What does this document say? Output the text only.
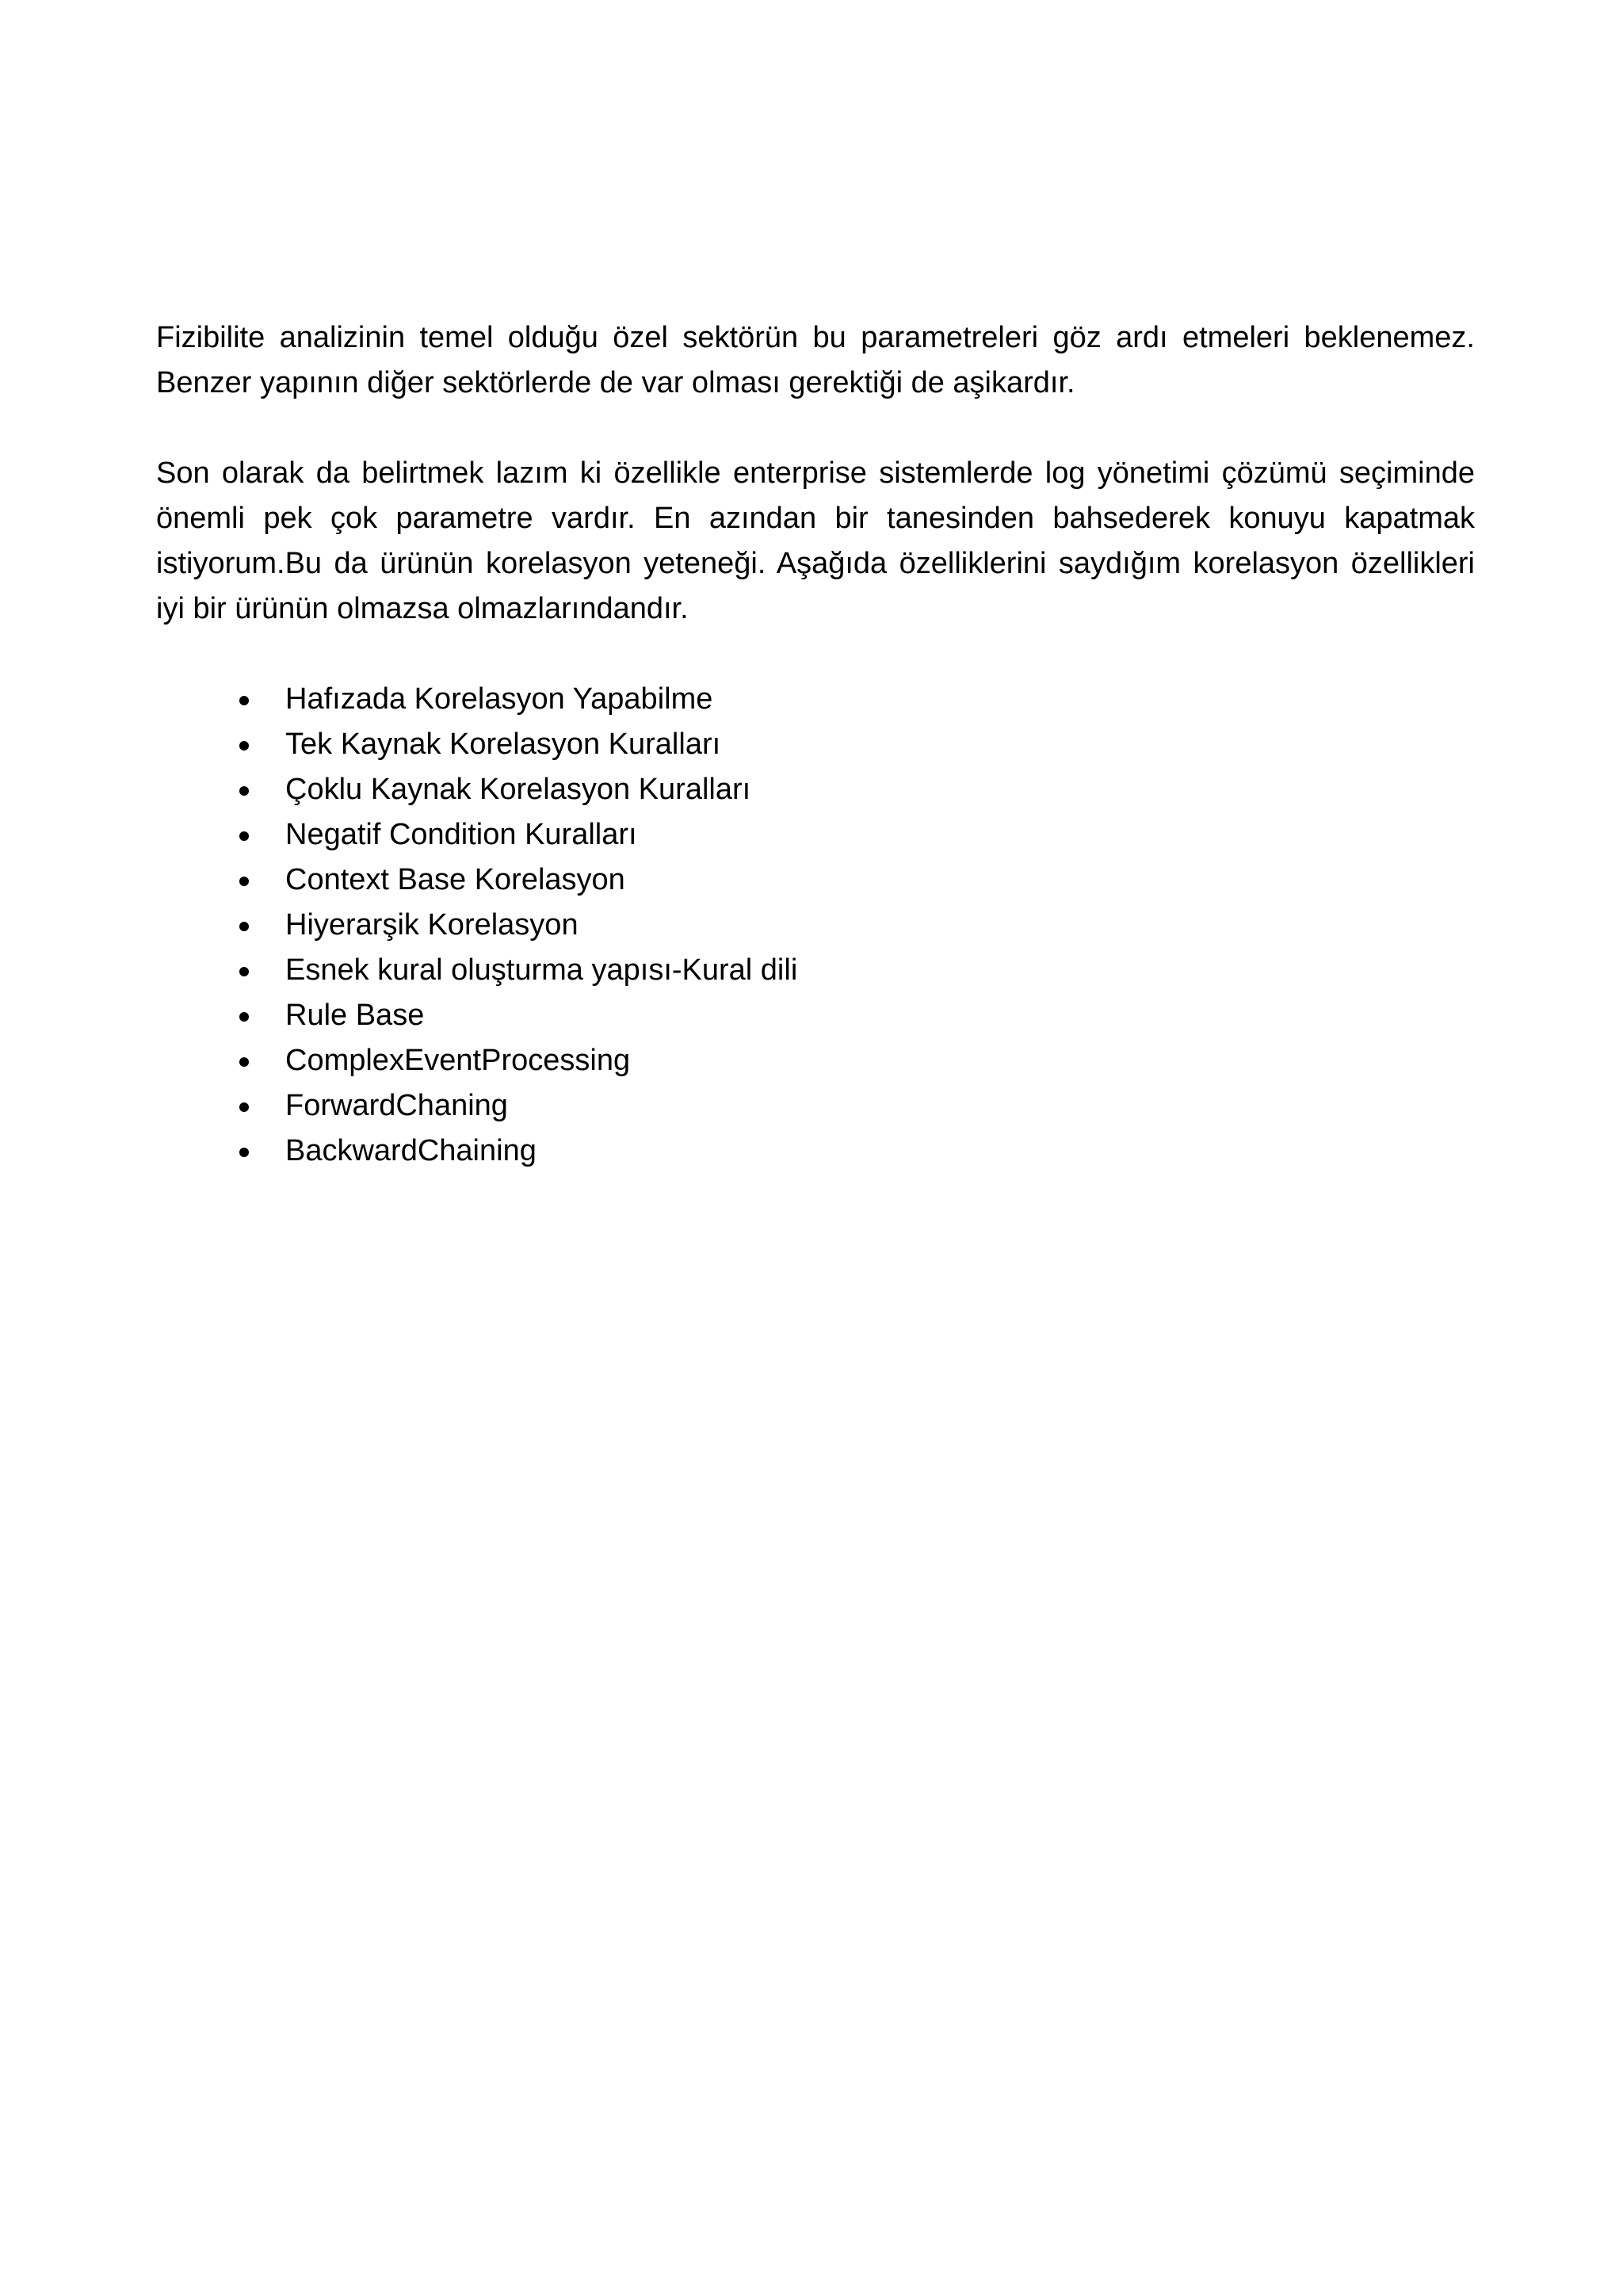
Fizibilite analizinin temel olduğu özel sektörün bu parametreleri göz ardı etmeleri beklenemez. Benzer yapının diğer sektörlerde de var olması gerektiği de aşikardır.

Son olarak da belirtmek lazım ki özellikle enterprise sistemlerde log yönetimi çözümü seçiminde önemli pek çok parametre vardır. En azından bir tanesinden bahsederek konuyu kapatmak istiyorum.Bu da ürünün korelasyon yeteneği. Aşağıda özelliklerini saydığım korelasyon özellikleri iyi bir ürünün olmazsa olmazlarındandır.

Hafızada Korelasyon Yapabilme
Tek Kaynak Korelasyon Kuralları
Çoklu Kaynak Korelasyon Kuralları
Negatif Condition Kuralları
Context Base Korelasyon
Hiyerarşik Korelasyon
Esnek kural oluşturma yapısı-Kural dili
Rule Base
ComplexEventProcessing
ForwardChaning
BackwardChaining
